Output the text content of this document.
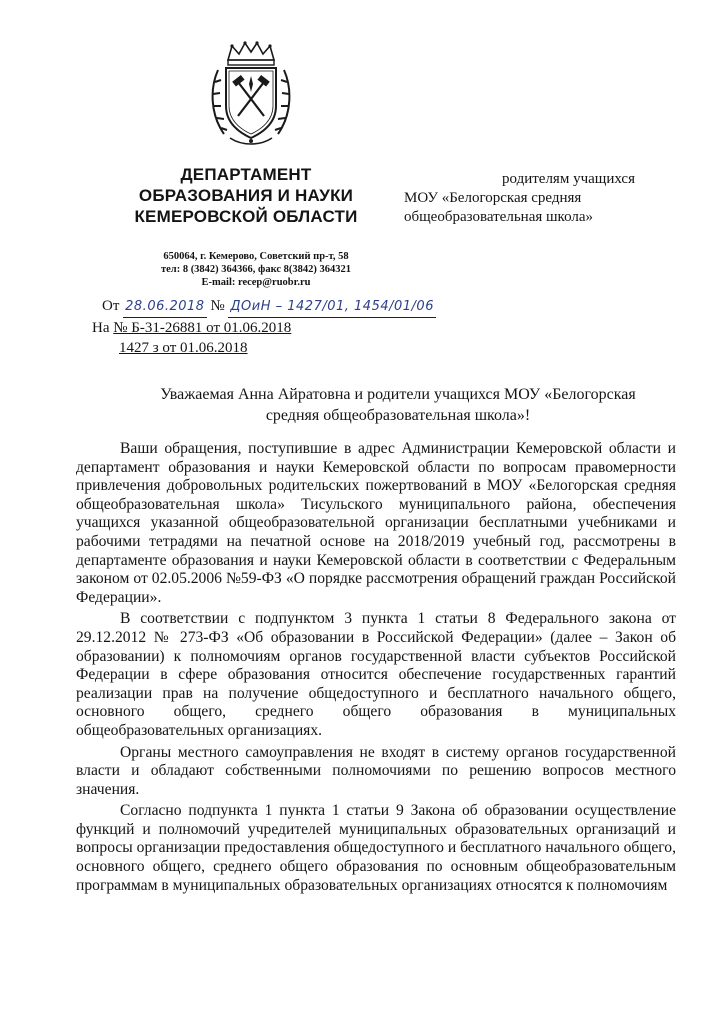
ДЕПАРТАМЕНТ
ОБРАЗОВАНИЯ И НАУКИ
КЕМЕРОВСКОЙ ОБЛАСТИ
родителям учащихся
МОУ «Белогорская средняя
общеобразовательная школа»
650064, г. Кемерово, Советский пр-т, 58
тел: 8 (3842) 364366, факс 8(3842) 364321
E-mail: recep@ruobr.ru
От 28.06.2018 № ДОиН – 1427/01, 1454/01/06
На № Б-31-26881 от 01.06.2018
1427 з от 01.06.2018
Уважаемая Анна Айратовна и родители учащихся МОУ «Белогорская средняя общеобразовательная школа»!

Ваши обращения, поступившие в адрес Администрации Кемеровской области и департамент образования и науки Кемеровской области по вопросам правомерности привлечения добровольных родительских пожертвований в МОУ «Белогорская средняя общеобразовательная школа» Тисульского муниципального района, обеспечения учащихся указанной общеобразовательной организации бесплатными учебниками и рабочими тетрадями на печатной основе на 2018/2019 учебный год, рассмотрены в департаменте образования и науки Кемеровской области в соответствии с Федеральным законом от 02.05.2006 №59-ФЗ «О порядке рассмотрения обращений граждан Российской Федерации».

В соответствии с подпунктом 3 пункта 1 статьи 8 Федерального закона от 29.12.2012 № 273-ФЗ «Об образовании в Российской Федерации» (далее – Закон об образовании) к полномочиям органов государственной власти субъектов Российской Федерации в сфере образования относится обеспечение государственных гарантий реализации прав на получение общедоступного и бесплатного начального общего, основного общего, среднего общего образования в муниципальных общеобразовательных организациях.

Органы местного самоуправления не входят в систему органов государственной власти и обладают собственными полномочиями по решению вопросов местного значения.

Согласно подпункта 1 пункта 1 статьи 9 Закона об образовании осуществление функций и полномочий учредителей муниципальных образовательных организаций и вопросы организации предоставления общедоступного и бесплатного начального общего, основного общего, среднего общего образования по основным общеобразовательным программам в муниципальных образовательных организациях относятся к полномочиям
